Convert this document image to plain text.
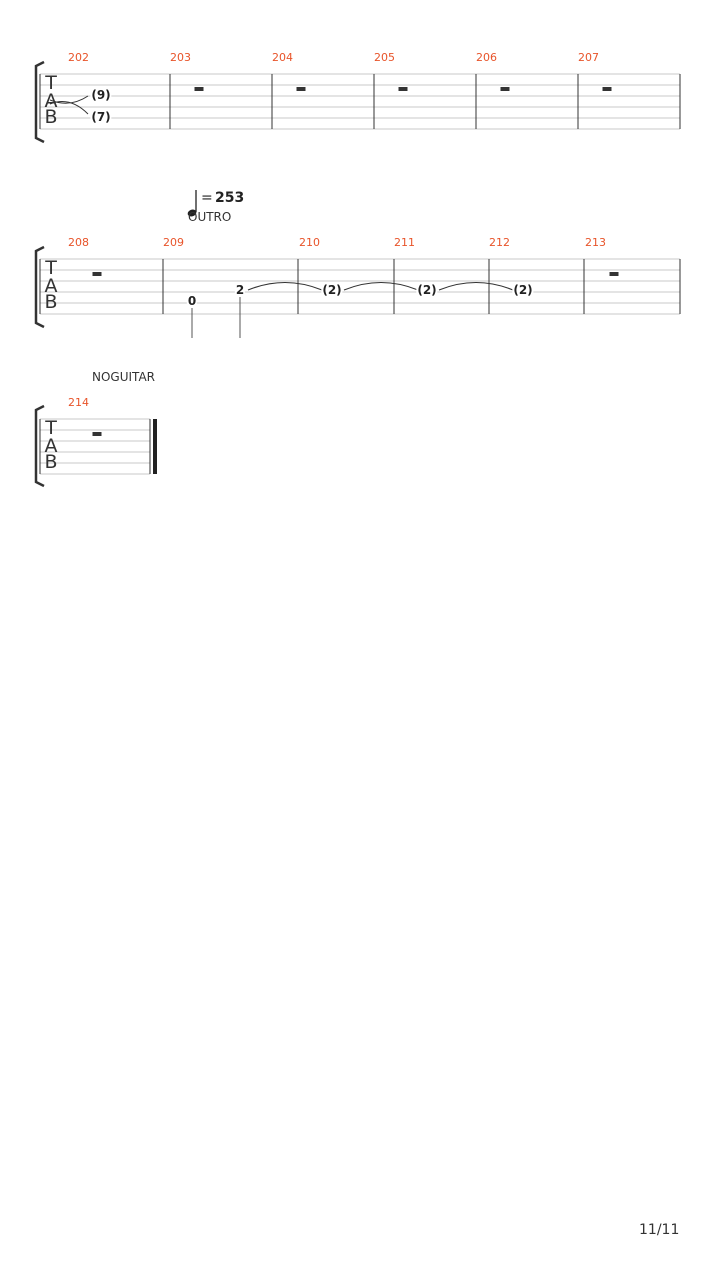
T
A
B
202	203	204	205	206	207
(9)
(7)
= 253
OUTRO
T
A
B
208	209	210	211	212	213
0
2	(2)	(2)	(2)
NOGUITAR
T
A
B
214
11/11
